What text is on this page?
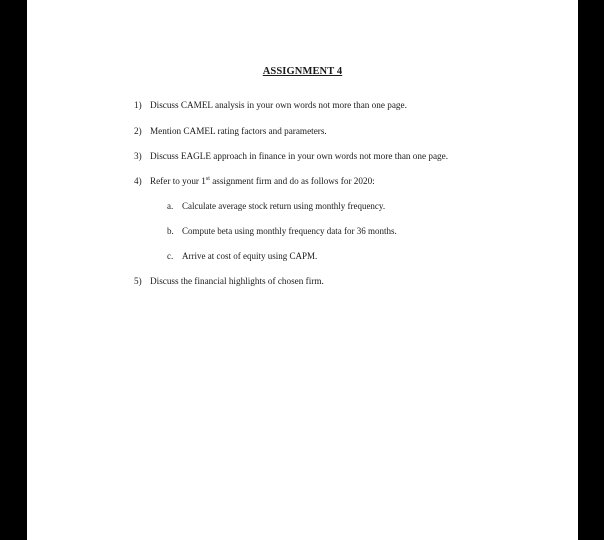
ASSIGNMENT 4
1) Discuss CAMEL analysis in your own words not more than one page.
2) Mention CAMEL rating factors and parameters.
3) Discuss EAGLE approach in finance in your own words not more than one page.
4) Refer to your 1st assignment firm and do as follows for 2020:
a. Calculate average stock return using monthly frequency.
b. Compute beta using monthly frequency data for 36 months.
c. Arrive at cost of equity using CAPM.
5) Discuss the financial highlights of chosen firm.
